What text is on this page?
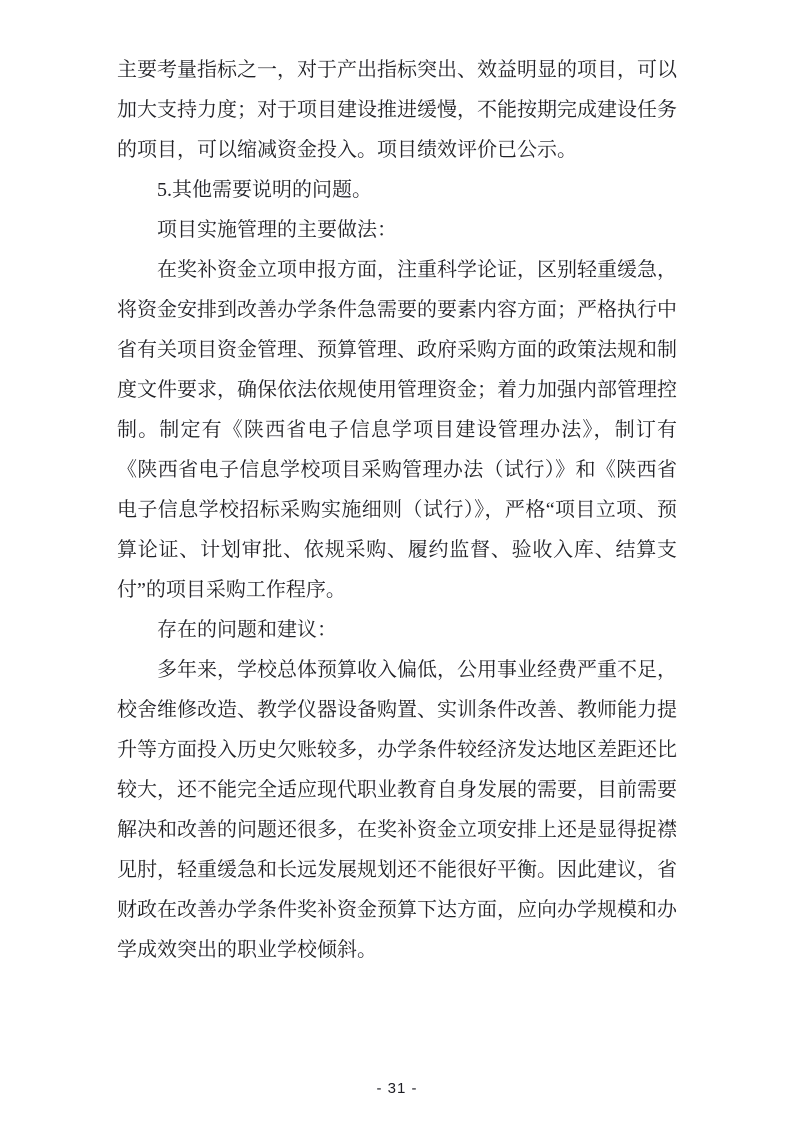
主要考量指标之一，对于产出指标突出、效益明显的项目，可以加大支持力度；对于项目建设推进缓慢，不能按期完成建设任务的项目，可以缩减资金投入。项目绩效评价已公示。

5.其他需要说明的问题。

项目实施管理的主要做法：

在奖补资金立项申报方面，注重科学论证，区别轻重缓急，将资金安排到改善办学条件急需要的要素内容方面；严格执行中省有关项目资金管理、预算管理、政府采购方面的政策法规和制度文件要求，确保依法依规使用管理资金；着力加强内部管理控制。制定有《陕西省电子信息学项目建设管理办法》，制订有《陕西省电子信息学校项目采购管理办法（试行）》和《陕西省电子信息学校招标采购实施细则（试行）》，严格“项目立项、预算论证、计划审批、依规采购、履约监督、验收入库、结算支付”的项目采购工作程序。

存在的问题和建议：

多年来，学校总体预算收入偏低，公用事业经费严重不足，校舍维修改造、教学仪器设备购置、实训条件改善、教师能力提升等方面投入历史欠账较多，办学条件较经济发达地区差距还比较大，还不能完全适应现代职业教育自身发展的需要，目前需要解决和改善的问题还很多，在奖补资金立项安排上还是显得捉襟见肘，轻重缓急和长远发展规划还不能很好平衡。因此建议，省财政在改善办学条件奖补资金预算下达方面，应向办学规模和办学成效突出的职业学校倾斜。

- 31 -
